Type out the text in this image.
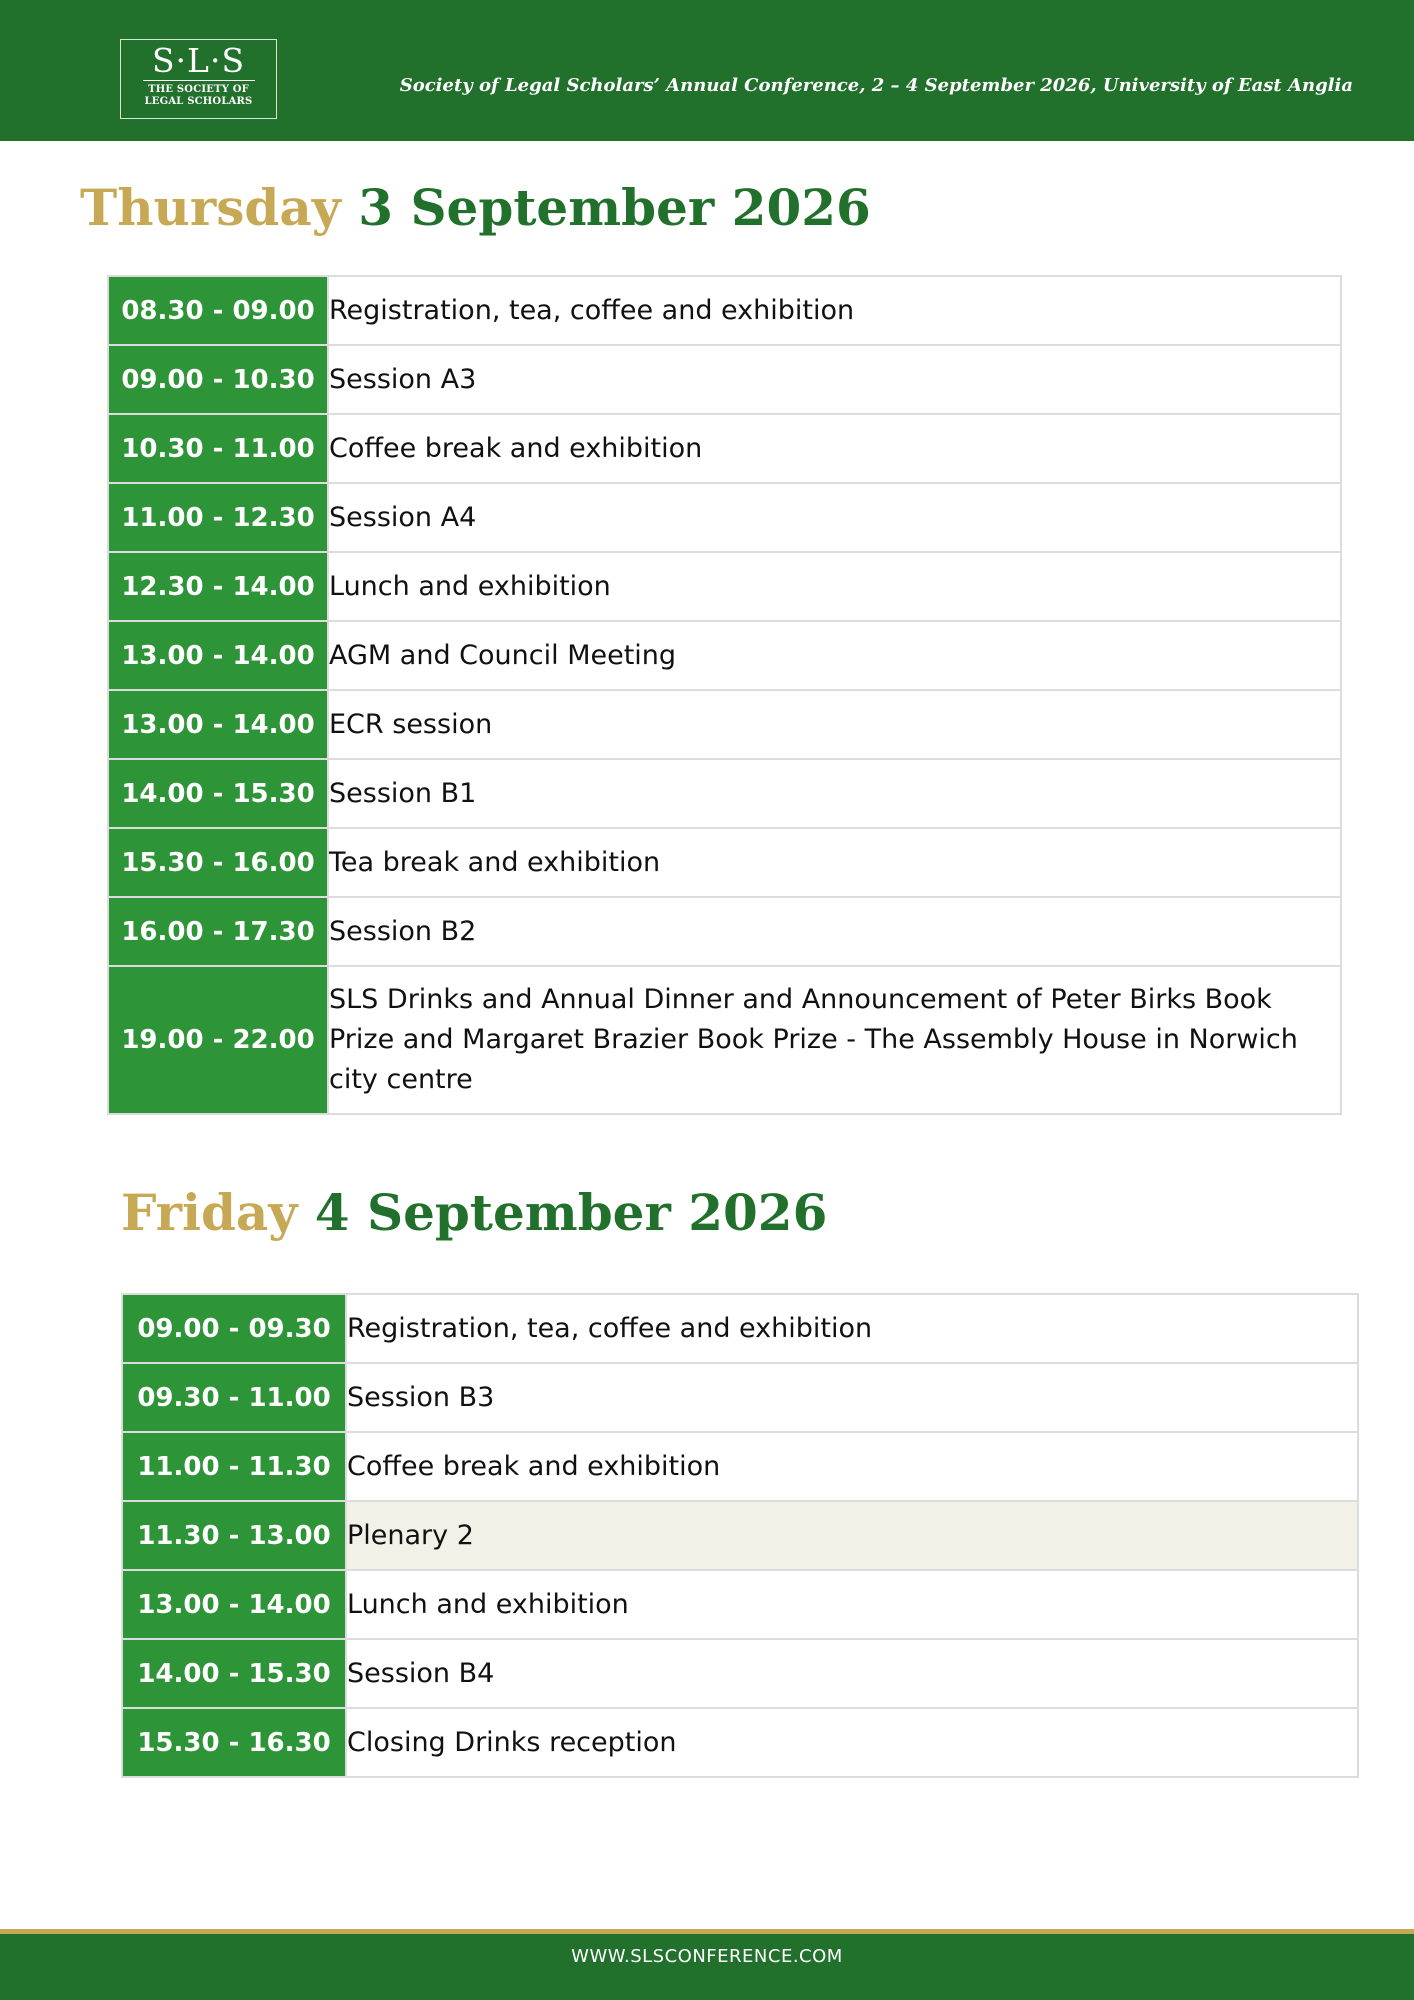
S·L·S
THE SOCIETY OF
LEGAL SCHOLARS
Society of Legal Scholars’ Annual Conference, 2 – 4 September 2026, University of East Anglia
Thursday 3 September 2026
08.30 - 09.00	Registration, tea, coffee and exhibition
09.00 - 10.30	Session A3
10.30 - 11.00	Coffee break and exhibition
11.00 - 12.30	Session A4
12.30 - 14.00	Lunch and exhibition
13.00 - 14.00	AGM and Council Meeting
13.00 - 14.00	ECR session
14.00 - 15.30	Session B1
15.30 - 16.00	Tea break and exhibition
16.00 - 17.30	Session B2
19.00 - 22.00	SLS Drinks and Annual Dinner and Announcement of Peter Birks Book Prize and Margaret Brazier Book Prize - The Assembly House in Norwich city centre
Friday 4 September 2026
09.00 - 09.30	Registration, tea, coffee and exhibition
09.30 - 11.00	Session B3
11.00 - 11.30	Coffee break and exhibition
11.30 - 13.00	Plenary 2
13.00 - 14.00	Lunch and exhibition
14.00 - 15.30	Session B4
15.30 - 16.30	Closing Drinks reception
WWW.SLSCONFERENCE.COM
